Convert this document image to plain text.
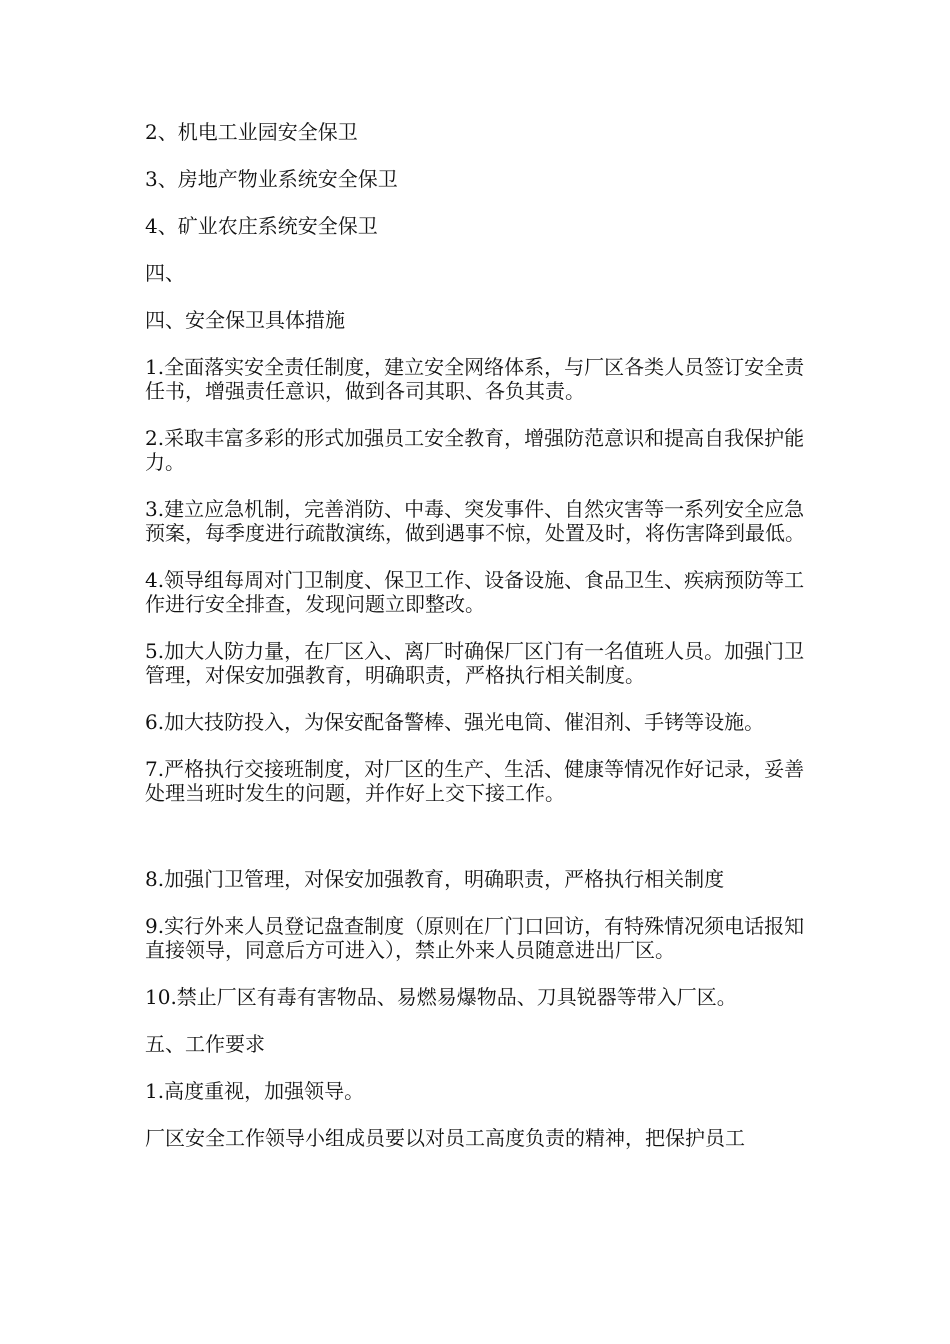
2、机电工业园安全保卫

3、房地产物业系统安全保卫

4、矿业农庄系统安全保卫

四、

四、安全保卫具体措施

1.全面落实安全责任制度，建立安全网络体系，与厂区各类人员签订安全责任书，增强责任意识，做到各司其职、各负其责。

2.采取丰富多彩的形式加强员工安全教育，增强防范意识和提高自我保护能力。

3.建立应急机制，完善消防、中毒、突发事件、自然灾害等一系列安全应急预案，每季度进行疏散演练，做到遇事不惊，处置及时，将伤害降到最低。

4.领导组每周对门卫制度、保卫工作、设备设施、食品卫生、疾病预防等工作进行安全排查，发现问题立即整改。

5.加大人防力量，在厂区入、离厂时确保厂区门有一名值班人员。加强门卫管理，对保安加强教育，明确职责，严格执行相关制度。

6.加大技防投入，为保安配备警棒、强光电筒、催泪剂、手铐等设施。

7.严格执行交接班制度，对厂区的生产、生活、健康等情况作好记录，妥善处理当班时发生的问题，并作好上交下接工作。

8.加强门卫管理，对保安加强教育，明确职责，严格执行相关制度

9.实行外来人员登记盘查制度（原则在厂门口回访，有特殊情况须电话报知直接领导，同意后方可进入），禁止外来人员随意进出厂区。

10.禁止厂区有毒有害物品、易燃易爆物品、刀具锐器等带入厂区。

五、工作要求

1.高度重视，加强领导。

厂区安全工作领导小组成员要以对员工高度负责的精神，把保护员工
